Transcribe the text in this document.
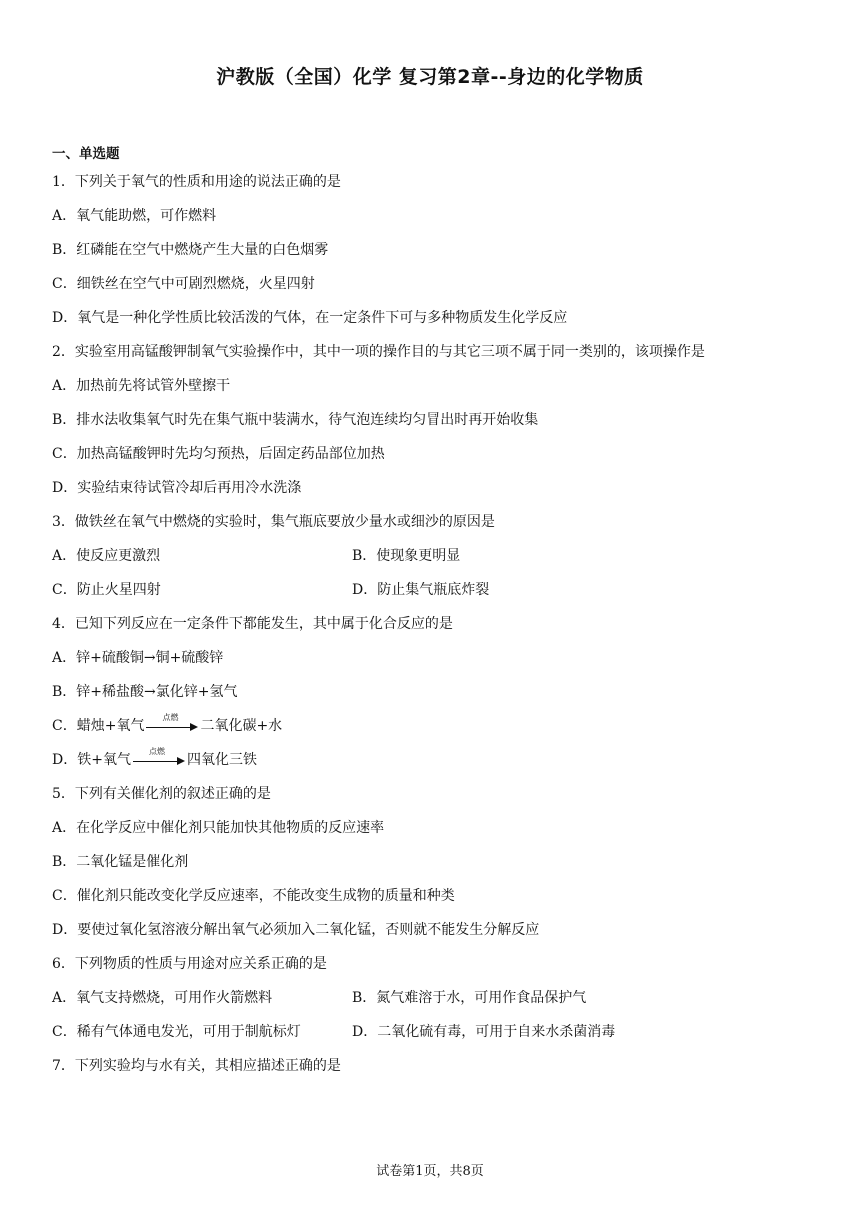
沪教版（全国）化学 复习第2章--身边的化学物质
一、单选题
1．下列关于氧气的性质和用途的说法正确的是
A．氧气能助燃，可作燃料
B．红磷能在空气中燃烧产生大量的白色烟雾
C．细铁丝在空气中可剧烈燃烧，火星四射
D．氧气是一种化学性质比较活泼的气体，在一定条件下可与多种物质发生化学反应
2．实验室用高锰酸钾制氧气实验操作中，其中一项的操作目的与其它三项不属于同一类别的，该项操作是
A．加热前先将试管外壁擦干
B．排水法收集氧气时先在集气瓶中装满水，待气泡连续均匀冒出时再开始收集
C．加热高锰酸钾时先均匀预热，后固定药品部位加热
D．实验结束待试管冷却后再用冷水洗涤
3．做铁丝在氧气中燃烧的实验时，集气瓶底要放少量水或细沙的原因是
A．使反应更激烈	B．使现象更明显
C．防止火星四射	D．防止集气瓶底炸裂
4．已知下列反应在一定条件下都能发生，其中属于化合反应的是
A．锌+硫酸铜→铜+硫酸锌
B．锌+稀盐酸→氯化锌+氢气
C．蜡烛+氧气
点燃
二氧化碳+水
D．铁+氧气
点燃
四氧化三铁
5．下列有关催化剂的叙述正确的是
A．在化学反应中催化剂只能加快其他物质的反应速率
B．二氧化锰是催化剂
C．催化剂只能改变化学反应速率，不能改变生成物的质量和种类
D．要使过氧化氢溶液分解出氧气必须加入二氧化锰，否则就不能发生分解反应
6．下列物质的性质与用途对应关系正确的是
A．氧气支持燃烧，可用作火箭燃料	B．氮气难溶于水，可用作食品保护气
C．稀有气体通电发光，可用于制航标灯	D．二氧化硫有毒，可用于自来水杀菌消毒
7．下列实验均与水有关，其相应描述正确的是
试卷第1页，共8页
